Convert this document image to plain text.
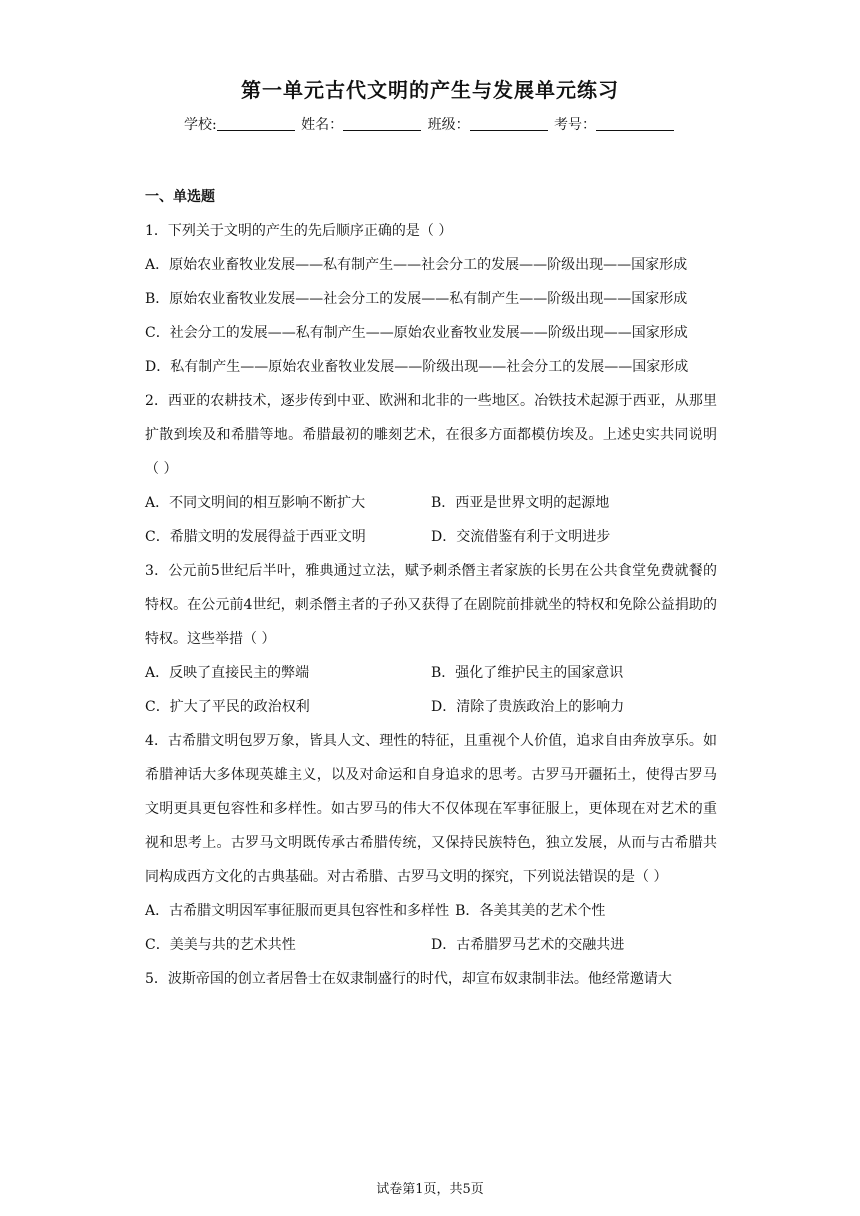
第一单元古代文明的产生与发展单元练习
学校:	姓名：	班级：	考号：
一、单选题
1．下列关于文明的产生的先后顺序正确的是（ ）
A．原始农业畜牧业发展——私有制产生——社会分工的发展——阶级出现——国家形成
B．原始农业畜牧业发展——社会分工的发展——私有制产生——阶级出现——国家形成
C．社会分工的发展——私有制产生——原始农业畜牧业发展——阶级出现——国家形成
D．私有制产生——原始农业畜牧业发展——阶级出现——社会分工的发展——国家形成
2．西亚的农耕技术，逐步传到中亚、欧洲和北非的一些地区。冶铁技术起源于西亚，从那里扩散到埃及和希腊等地。希腊最初的雕刻艺术，在很多方面都模仿埃及。上述史实共同说明（ ）
A．不同文明间的相互影响不断扩大	B．西亚是世界文明的起源地
C．希腊文明的发展得益于西亚文明	D．交流借鉴有利于文明进步
3．公元前5世纪后半叶，雅典通过立法，赋予刺杀僭主者家族的长男在公共食堂免费就餐的特权。在公元前4世纪，刺杀僭主者的子孙又获得了在剧院前排就坐的特权和免除公益捐助的特权。这些举措（ ）
A．反映了直接民主的弊端	B．强化了维护民主的国家意识
C．扩大了平民的政治权利	D．清除了贵族政治上的影响力
4．古希腊文明包罗万象，皆具人文、理性的特征，且重视个人价值，追求自由奔放享乐。如希腊神话大多体现英雄主义，以及对命运和自身追求的思考。古罗马开疆拓土，使得古罗马文明更具更包容性和多样性。如古罗马的伟大不仅体现在军事征服上，更体现在对艺术的重视和思考上。古罗马文明既传承古希腊传统，又保持民族特色，独立发展，从而与古希腊共同构成西方文化的古典基础。对古希腊、古罗马文明的探究，下列说法错误的是（ ）
A．古希腊文明因军事征服而更具包容性和多样性 B．各美其美的艺术个性
C．美美与共的艺术共性	D．古希腊罗马艺术的交融共进
5．波斯帝国的创立者居鲁士在奴隶制盛行的时代，却宣布奴隶制非法。他经常邀请大
试卷第1页，共5页
